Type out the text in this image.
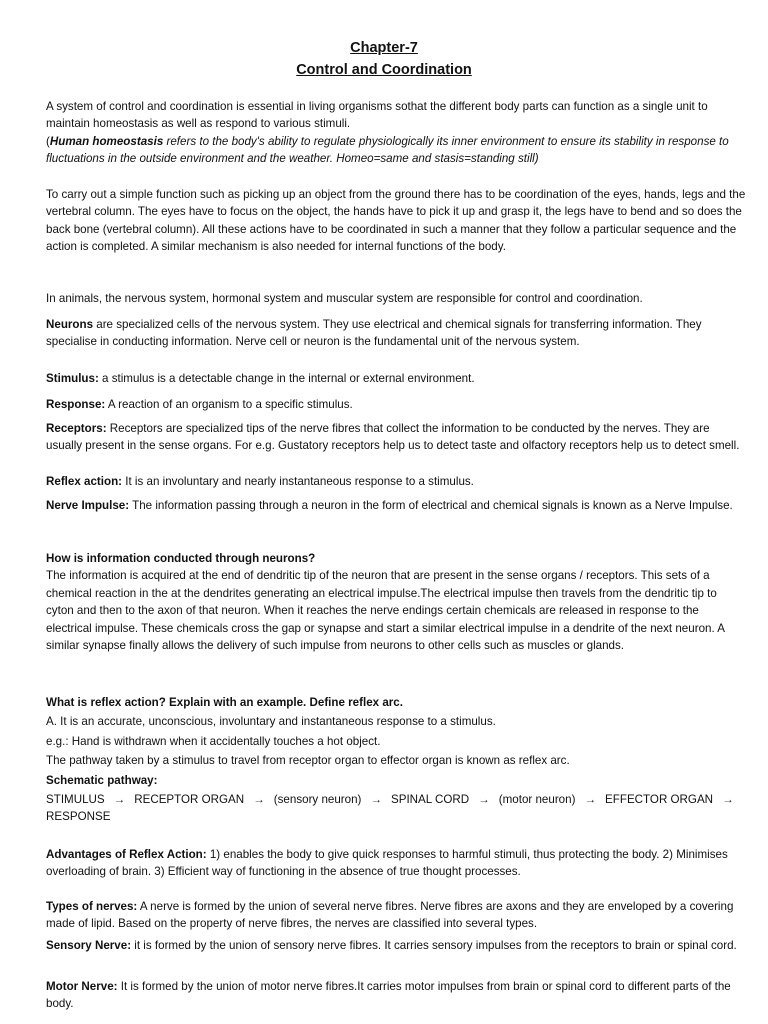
Chapter-7
Control and Coordination
A system of control and coordination is essential in living organisms sothat the different body parts can function as a single unit to maintain homeostasis as well as respond to various stimuli.
(Human homeostasis refers to the body's ability to regulate physiologically its inner environment to ensure its stability in response to fluctuations in the outside environment and the weather. Homeo=same and stasis=standing still)
To carry out a simple function such as picking up an object from the ground there has to be coordination of the eyes, hands, legs and the vertebral column. The eyes have to focus on the object, the hands have to pick it up and grasp it, the legs have to bend and so does the back bone (vertebral column). All these actions have to be coordinated in such a manner that they follow a particular sequence and the action is completed. A similar mechanism is also needed for internal functions of the body.
In animals, the nervous system, hormonal system and muscular system are responsible for control and coordination.
Neurons are specialized cells of the nervous system. They use electrical and chemical signals for transferring information. They specialise in conducting information. Nerve cell or neuron is the fundamental unit of the nervous system.
Stimulus: a stimulus is a detectable change in the internal or external environment.
Response: A reaction of an organism to a specific stimulus.
Receptors: Receptors are specialized tips of the nerve fibres that collect the information to be conducted by the nerves. They are usually present in the sense organs. For e.g. Gustatory receptors help us to detect taste and olfactory receptors help us to detect smell.
Reflex action: It is an involuntary and nearly instantaneous response to a stimulus.
Nerve Impulse: The information passing through a neuron in the form of electrical and chemical signals is known as a Nerve Impulse.
How is information conducted through neurons?
The information is acquired at the end of dendritic tip of the neuron that are present in the sense organs / receptors. This sets of a chemical reaction in the at the dendrites generating an electrical impulse.The electrical impulse then travels from the dendritic tip to cyton and then to the axon of that neuron. When it reaches the nerve endings certain chemicals are released in response to the electrical impulse. These chemicals cross the gap or synapse and start a similar electrical impulse in a dendrite of the next neuron. A similar synapse finally allows the delivery of such impulse from neurons to other cells such as muscles or glands.
What is reflex action? Explain with an example. Define reflex arc.
A. It is an accurate, unconscious, involuntary and instantaneous response to a stimulus.
e.g.: Hand is withdrawn when it accidentally touches a hot object.
The pathway taken by a stimulus to travel from receptor organ to effector organ is known as reflex arc.
Schematic pathway:
STIMULUS → RECEPTOR ORGAN → (sensory neuron) → SPINAL CORD → (motor neuron) → EFFECTOR ORGAN →RESPONSE
Advantages of Reflex Action: 1) enables the body to give quick responses to harmful stimuli, thus protecting the body. 2) Minimises overloading of brain. 3) Efficient way of functioning in the absence of true thought processes.
Types of nerves: A nerve is formed by the union of several nerve fibres. Nerve fibres are axons and they are enveloped by a covering made of lipid. Based on the property of nerve fibres, the nerves are classified into several types.
Sensory Nerve: it is formed by the union of sensory nerve fibres. It carries sensory impulses from the receptors to brain or spinal cord.
Motor Nerve: It is formed by the union of motor nerve fibres.It carries motor impulses from brain or spinal cord to different parts of the body.
